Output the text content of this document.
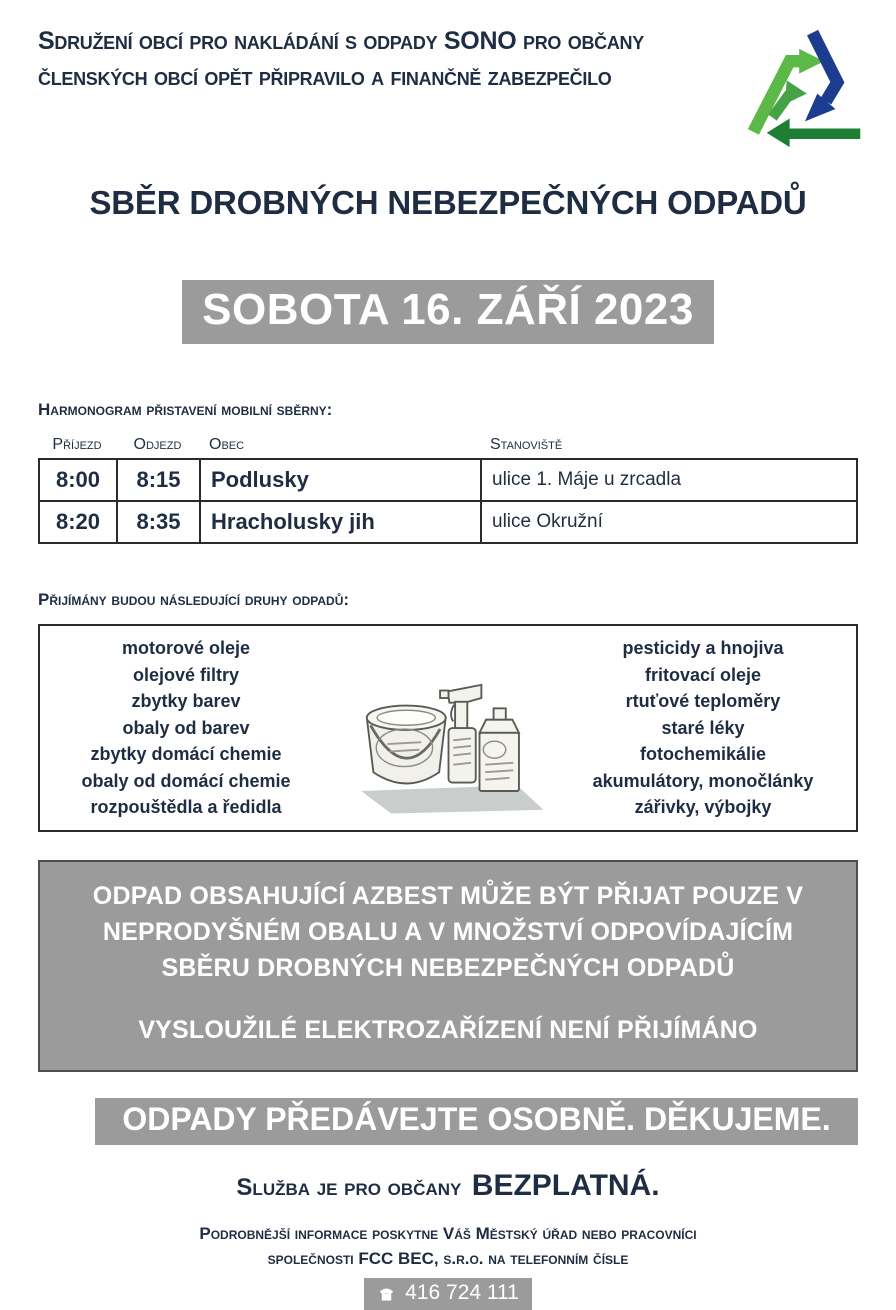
Sdružení obcí pro nakládání s odpady SONO pro občany
členských obcí opět připravilo a finančně zabezpečilo
SBĚR DROBNÝCH NEBEZPEČNÝCH ODPADŮ
SOBOTA 16. ZÁŘÍ 2023
Harmonogram přistavení mobilní sběrny:
Příjezd	Odjezd	Obec	Stanoviště
8:00	8:15	Podlusky	ulice 1. Máje u zrcadla
8:20	8:35	Hracholusky jih	ulice Okružní
Přijímány budou následující druhy odpadů:
motorové oleje
olejové filtry
zbytky barev
obaly od barev
zbytky domácí chemie
obaly od domácí chemie
rozpouštědla a ředidla
pesticidy a hnojiva
fritovací oleje
rtuťové teploměry
staré léky
fotochemikálie
akumulátory, monočlánky
zářivky, výbojky
ODPAD OBSAHUJÍCÍ AZBEST MŮŽE BÝT PŘIJAT POUZE V
NEPRODYŠNÉM OBALU A V MNOŽSTVÍ ODPOVÍDAJÍCÍM
SBĚRU DROBNÝCH NEBEZPEČNÝCH ODPADŮ
VYSLOUŽILÉ ELEKTROZAŘÍZENÍ NENÍ PŘIJÍMÁNO
ODPADY PŘEDÁVEJTE OSOBNĚ. DĚKUJEME.
Služba je pro občany BEZPLATNÁ.
Podrobnější informace poskytne Váš Městský úřad nebo pracovníci
společnosti FCC BEC, s.r.o. na telefonním čísle
416 724 111
